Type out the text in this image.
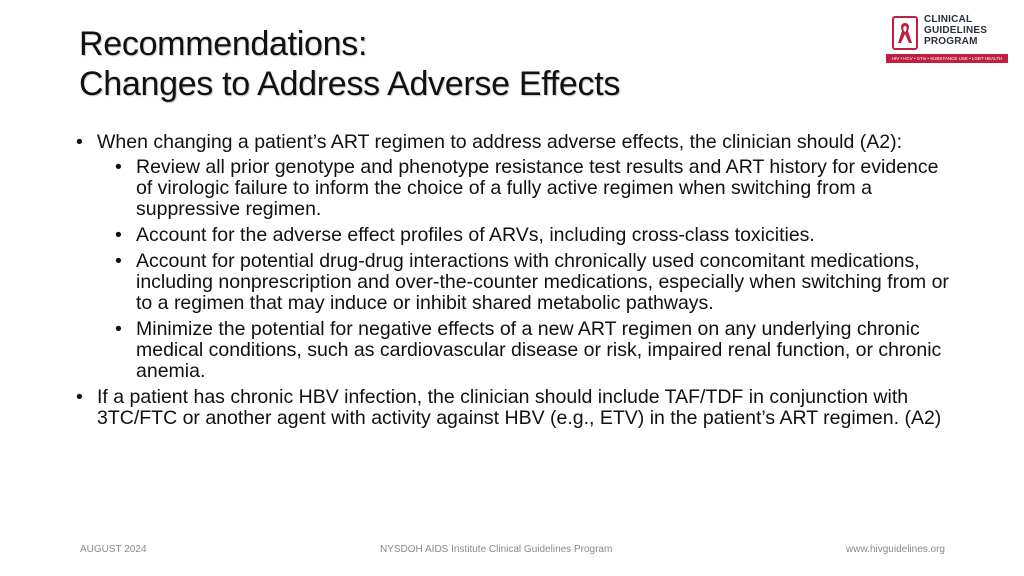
Recommendations:
Changes to Address Adverse Effects
CLINICAL
GUIDELINES
PROGRAM
HIV • HCV • STIs • SUBSTANCE USE • LGBT HEALTH
• When changing a patient’s ART regimen to address adverse effects, the clinician should (A2):
• Review all prior genotype and phenotype resistance test results and ART history for evidence of virologic failure to inform the choice of a fully active regimen when switching from a suppressive regimen.
• Account for the adverse effect profiles of ARVs, including cross-class toxicities.
• Account for potential drug-drug interactions with chronically used concomitant medications, including nonprescription and over-the-counter medications, especially when switching from or to a regimen that may induce or inhibit shared metabolic pathways.
• Minimize the potential for negative effects of a new ART regimen on any underlying chronic medical conditions, such as cardiovascular disease or risk, impaired renal function, or chronic anemia.
• If a patient has chronic HBV infection, the clinician should include TAF/TDF in conjunction with 3TC/FTC or another agent with activity against HBV (e.g., ETV) in the patient’s ART regimen. (A2)
AUGUST 2024	NYSDOH AIDS Institute Clinical Guidelines Program	www.hivguidelines.org
